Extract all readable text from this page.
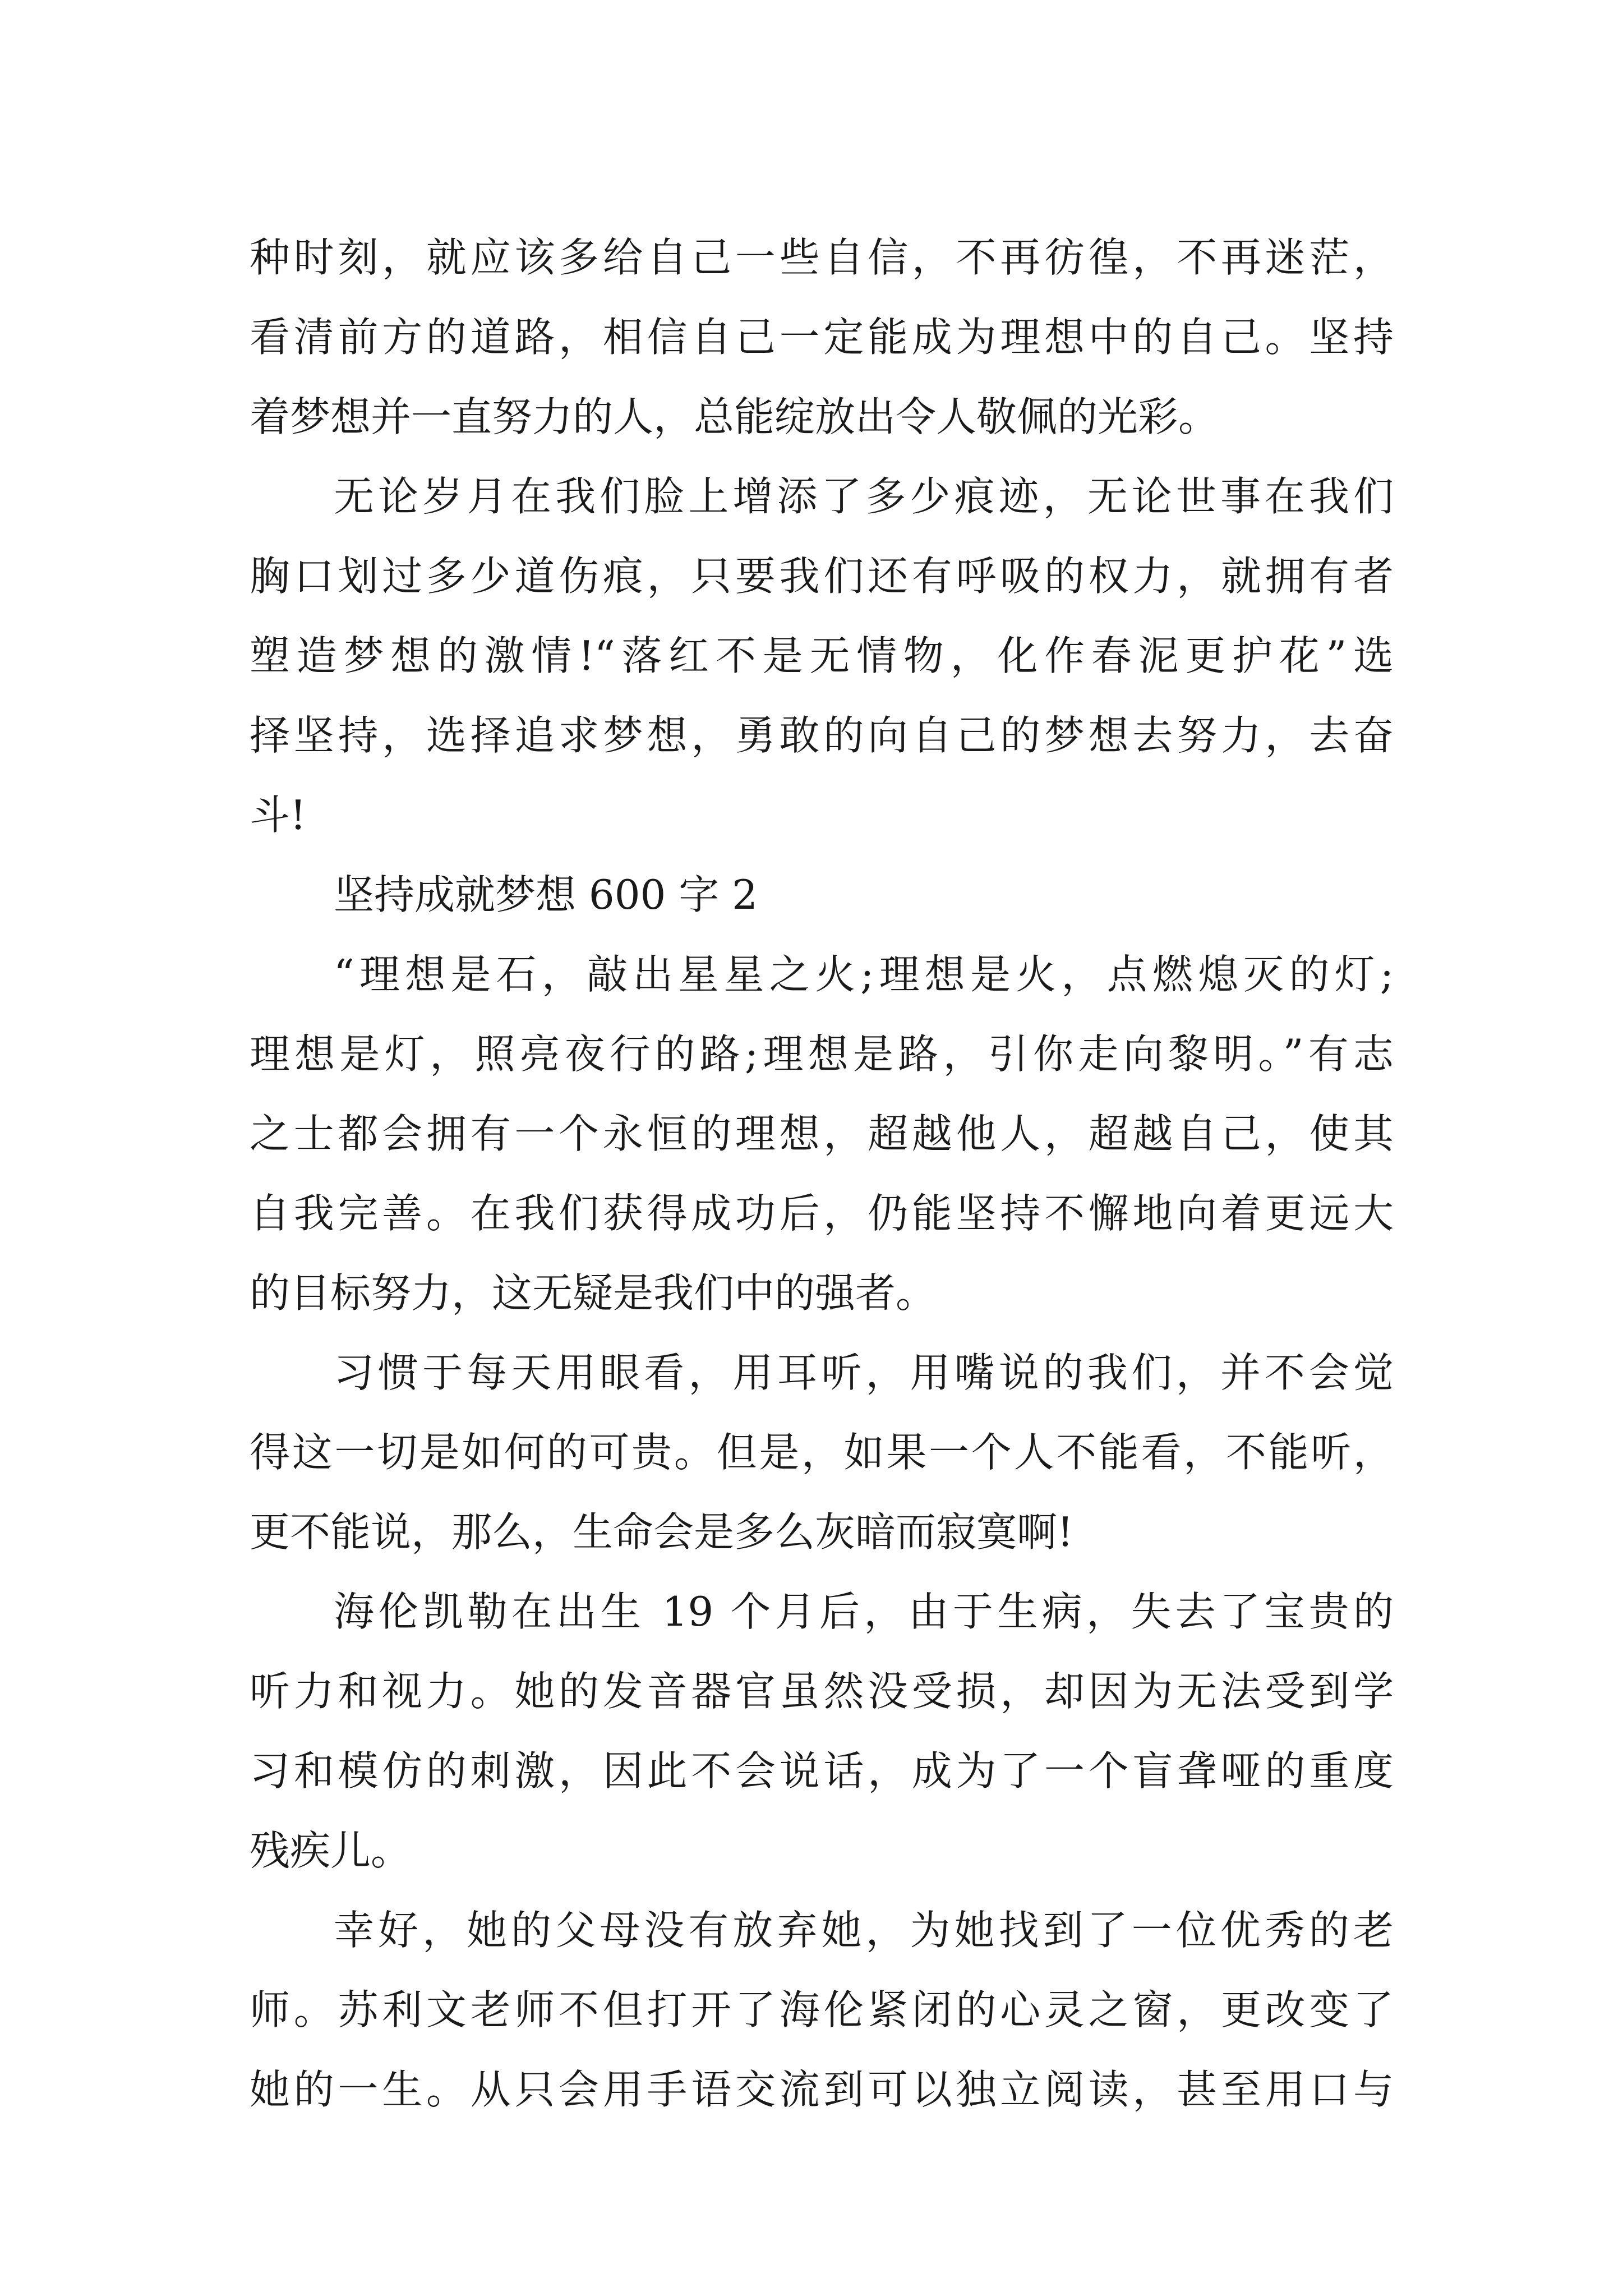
种时刻，就应该多给自己一些自信，不再彷徨，不再迷茫，
看清前方的道路，相信自己一定能成为理想中的自己。坚持
着梦想并一直努力的人，总能绽放出令人敬佩的光彩。
无论岁月在我们脸上增添了多少痕迹，无论世事在我们
胸口划过多少道伤痕，只要我们还有呼吸的权力，就拥有者
塑造梦想的激情!“落红不是无情物，化作春泥更护花”选
择坚持，选择追求梦想，勇敢的向自己的梦想去努力，去奋
斗!
坚持成就梦想 600 字 2
“理想是石，敲出星星之火;理想是火，点燃熄灭的灯;
理想是灯，照亮夜行的路;理想是路，引你走向黎明。”有志
之士都会拥有一个永恒的理想，超越他人，超越自己，使其
自我完善。在我们获得成功后，仍能坚持不懈地向着更远大
的目标努力，这无疑是我们中的强者。
习惯于每天用眼看，用耳听，用嘴说的我们，并不会觉
得这一切是如何的可贵。但是，如果一个人不能看，不能听，
更不能说，那么，生命会是多么灰暗而寂寞啊!
海伦凯勒在出生 19 个月后，由于生病，失去了宝贵的
听力和视力。她的发音器官虽然没受损，却因为无法受到学
习和模仿的刺激，因此不会说话，成为了一个盲聋哑的重度
残疾儿。
幸好，她的父母没有放弃她，为她找到了一位优秀的老
师。苏利文老师不但打开了海伦紧闭的心灵之窗，更改变了
她的一生。从只会用手语交流到可以独立阅读，甚至用口与
